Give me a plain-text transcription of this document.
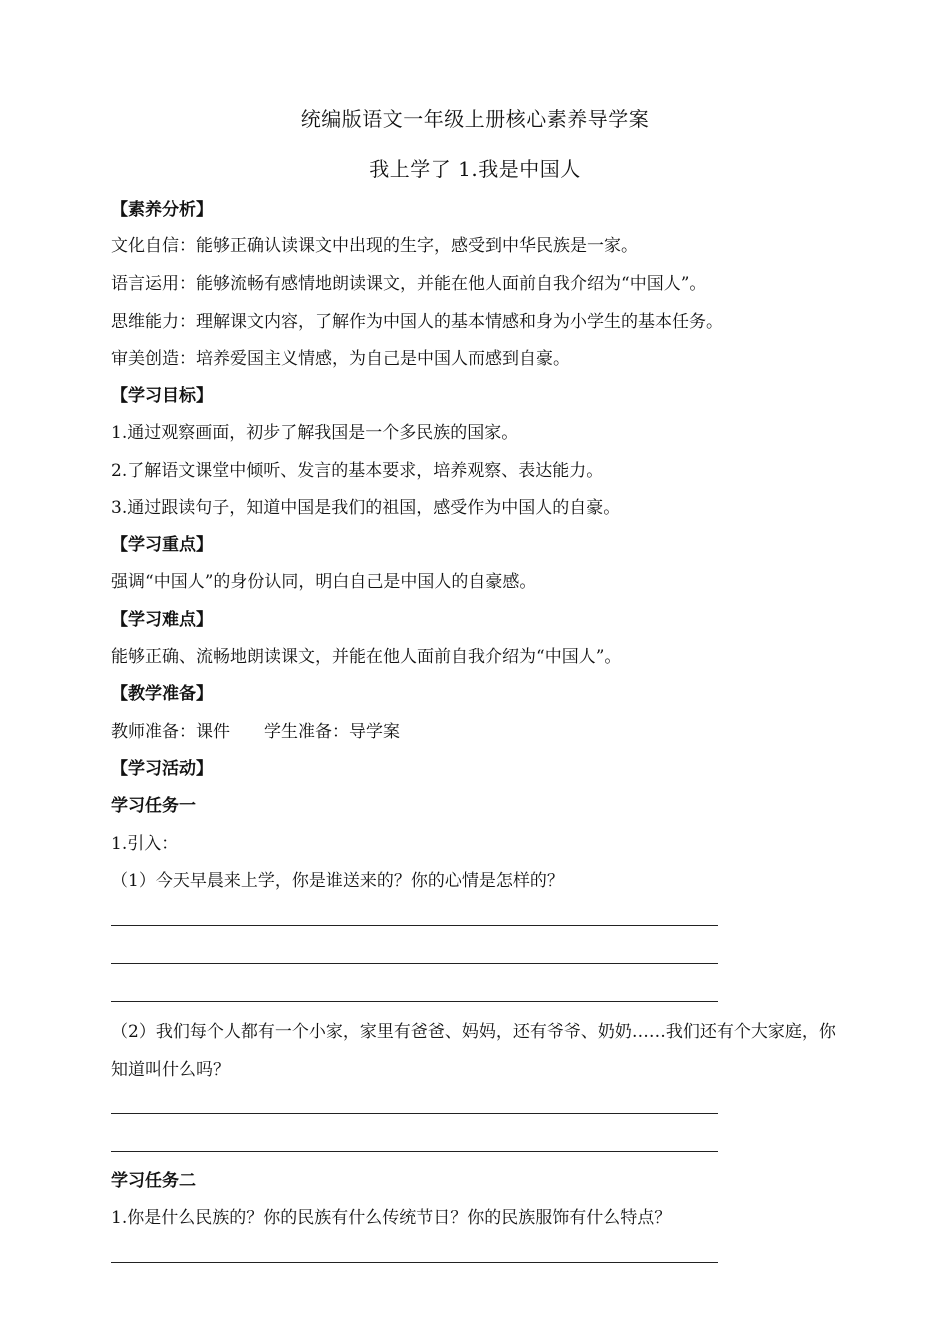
统编版语文一年级上册核心素养导学案
我上学了 1.我是中国人
【素养分析】
文化自信：能够正确认读课文中出现的生字，感受到中华民族是一家。
语言运用：能够流畅有感情地朗读课文，并能在他人面前自我介绍为“中国人”。
思维能力：理解课文内容，了解作为中国人的基本情感和身为小学生的基本任务。
审美创造：培养爱国主义情感，为自己是中国人而感到自豪。
【学习目标】
1.通过观察画面，初步了解我国是一个多民族的国家。
2.了解语文课堂中倾听、发言的基本要求，培养观察、表达能力。
3.通过跟读句子，知道中国是我们的祖国，感受作为中国人的自豪。
【学习重点】
强调“中国人”的身份认同，明白自己是中国人的自豪感。
【学习难点】
能够正确、流畅地朗读课文，并能在他人面前自我介绍为“中国人”。
【教学准备】
教师准备：课件　　学生准备：导学案
【学习活动】
学习任务一
1.引入：
（1）今天早晨来上学，你是谁送来的？你的心情是怎样的？
（2）我们每个人都有一个小家，家里有爸爸、妈妈，还有爷爷、奶奶……我们还有个大家庭，你知道叫什么吗？
学习任务二
1.你是什么民族的？你的民族有什么传统节日？你的民族服饰有什么特点？
